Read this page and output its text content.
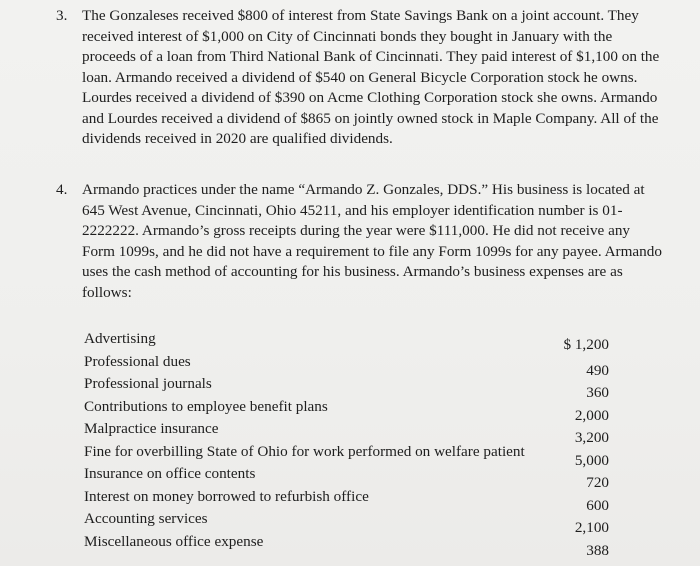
3. The Gonzaleses received $800 of interest from State Savings Bank on a joint account. They received interest of $1,000 on City of Cincinnati bonds they bought in January with the proceeds of a loan from Third National Bank of Cincinnati. They paid interest of $1,100 on the loan. Armando received a dividend of $540 on General Bicycle Corporation stock he owns. Lourdes received a dividend of $390 on Acme Clothing Corporation stock she owns. Armando and Lourdes received a dividend of $865 on jointly owned stock in Maple Company. All of the dividends received in 2020 are qualified dividends.
4. Armando practices under the name “Armando Z. Gonzales, DDS.” His business is located at 645 West Avenue, Cincinnati, Ohio 45211, and his employer identification number is 01-2222222. Armando’s gross receipts during the year were $111,000. He did not receive any Form 1099s, and he did not have a requirement to file any Form 1099s for any payee. Armando uses the cash method of accounting for his business. Armando’s business expenses are as follows:
Advertising	$ 1,200
Professional dues
490
Professional journals
360
Contributions to employee benefit plans
2,000
Malpractice insurance
3,200
Fine for overbilling State of Ohio for work performed on welfare patient
5,000
Insurance on office contents
720
Interest on money borrowed to refurbish office
600
Accounting services
2,100
Miscellaneous office expense
388
